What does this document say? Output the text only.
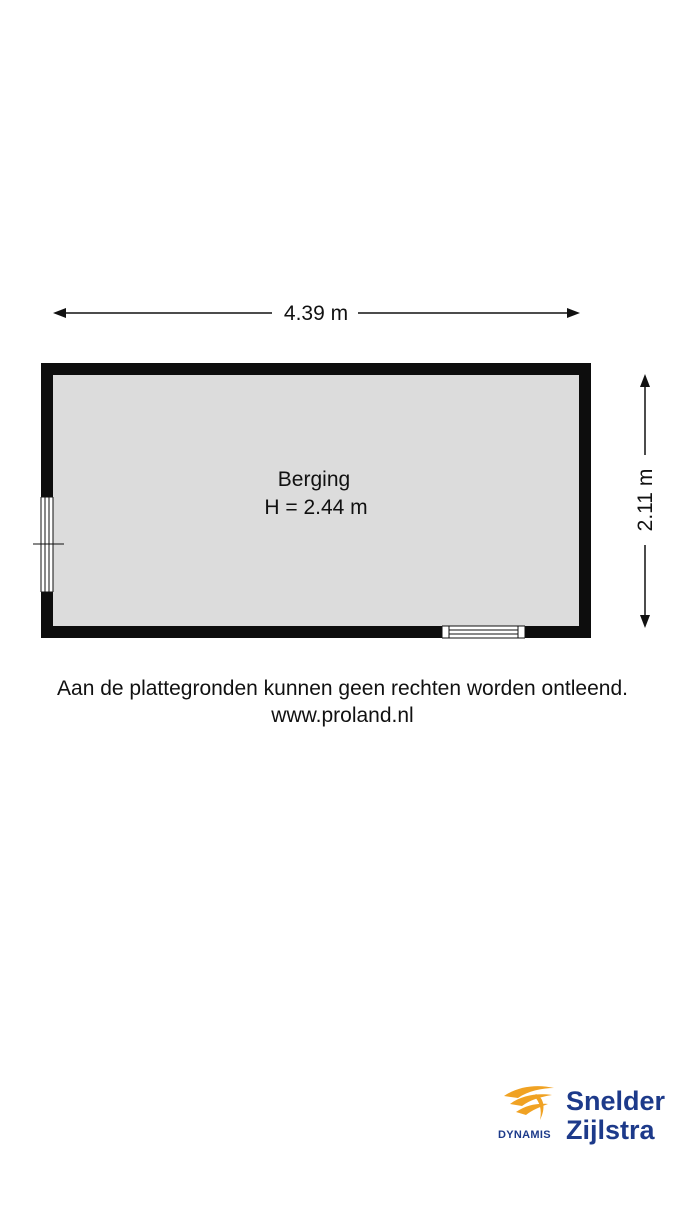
4.39 m
2.11 m
Berging
H = 2.44 m
Aan de plattegronden kunnen geen rechten worden ontleend.
www.proland.nl
DYNAMIS
Snelder
Zijlstra
